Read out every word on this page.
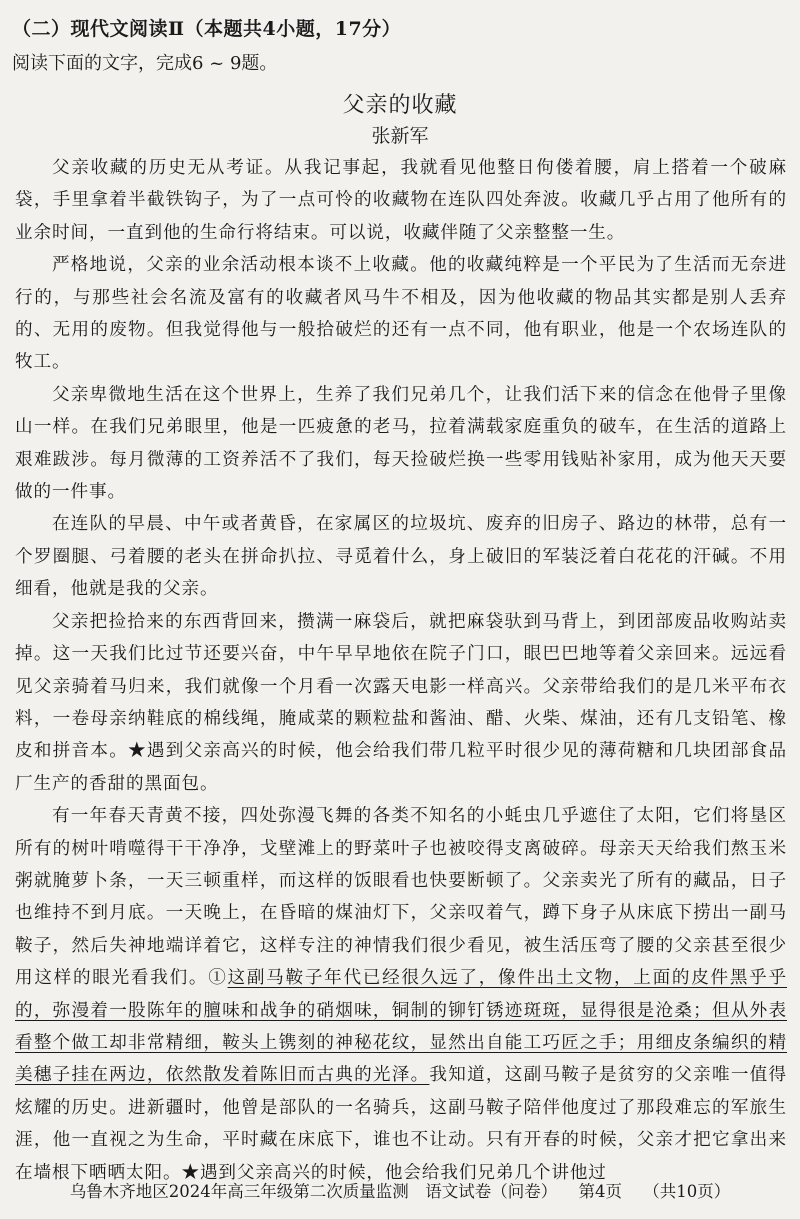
（二）现代文阅读Ⅱ（本题共4小题，17分）
阅读下面的文字，完成6 ~ 9题。
父亲的收藏
张新军

父亲收藏的历史无从考证。从我记事起，我就看见他整日佝偻着腰，肩上搭着一个破麻袋，手里拿着半截铁钩子，为了一点可怜的收藏物在连队四处奔波。收藏几乎占用了他所有的业余时间，一直到他的生命行将结束。可以说，收藏伴随了父亲整整一生。

严格地说，父亲的业余活动根本谈不上收藏。他的收藏纯粹是一个平民为了生活而无奈进行的，与那些社会名流及富有的收藏者风马牛不相及，因为他收藏的物品其实都是别人丢弃的、无用的废物。但我觉得他与一般拾破烂的还有一点不同，他有职业，他是一个农场连队的牧工。

父亲卑微地生活在这个世界上，生养了我们兄弟几个，让我们活下来的信念在他骨子里像山一样。在我们兄弟眼里，他是一匹疲惫的老马，拉着满载家庭重负的破车，在生活的道路上艰难跋涉。每月微薄的工资养活不了我们，每天捡破烂换一些零用钱贴补家用，成为他天天要做的一件事。

在连队的早晨、中午或者黄昏，在家属区的垃圾坑、废弃的旧房子、路边的林带，总有一个罗圈腿、弓着腰的老头在拼命扒拉、寻觅着什么，身上破旧的军装泛着白花花的汗碱。不用细看，他就是我的父亲。

父亲把捡拾来的东西背回来，攒满一麻袋后，就把麻袋驮到马背上，到团部废品收购站卖掉。这一天我们比过节还要兴奋，中午早早地依在院子门口，眼巴巴地等着父亲回来。远远看见父亲骑着马归来，我们就像一个月看一次露天电影一样高兴。父亲带给我们的是几米平布衣料，一卷母亲纳鞋底的棉线绳，腌咸菜的颗粒盐和酱油、醋、火柴、煤油，还有几支铅笔、橡皮和拼音本。★遇到父亲高兴的时候，他会给我们带几粒平时很少见的薄荷糖和几块团部食品厂生产的香甜的黑面包。

有一年春天青黄不接，四处弥漫飞舞的各类不知名的小蚝虫几乎遮住了太阳，它们将垦区所有的树叶啃噬得干干净净，戈壁滩上的野菜叶子也被咬得支离破碎。母亲天天给我们熬玉米粥就腌萝卜条，一天三顿重样，而这样的饭眼看也快要断顿了。父亲卖光了所有的藏品，日子也维持不到月底。一天晚上，在昏暗的煤油灯下，父亲叹着气，蹲下身子从床底下捞出一副马鞍子，然后失神地端详着它，这样专注的神情我们很少看见，被生活压弯了腰的父亲甚至很少用这样的眼光看我们。①这副马鞍子年代已经很久远了，像件出土文物，上面的皮件黑乎乎的，弥漫着一股陈年的膻味和战争的硝烟味，铜制的铆钉锈迹斑斑，显得很是沧桑；但从外表看整个做工却非常精细，鞍头上镌刻的神秘花纹，显然出自能工巧匠之手；用细皮条编织的精美穗子挂在两边，依然散发着陈旧而古典的光泽。我知道，这副马鞍子是贫穷的父亲唯一值得炫耀的历史。进新疆时，他曾是部队的一名骑兵，这副马鞍子陪伴他度过了那段难忘的军旅生涯，他一直视之为生命，平时藏在床底下，谁也不让动。只有开春的时候，父亲才把它拿出来在墙根下晒晒太阳。★遇到父亲高兴的时候，他会给我们兄弟几个讲他过

乌鲁木齐地区2024年高三年级第二次质量监测　语文试卷（问卷） 第4页 （共10页）
